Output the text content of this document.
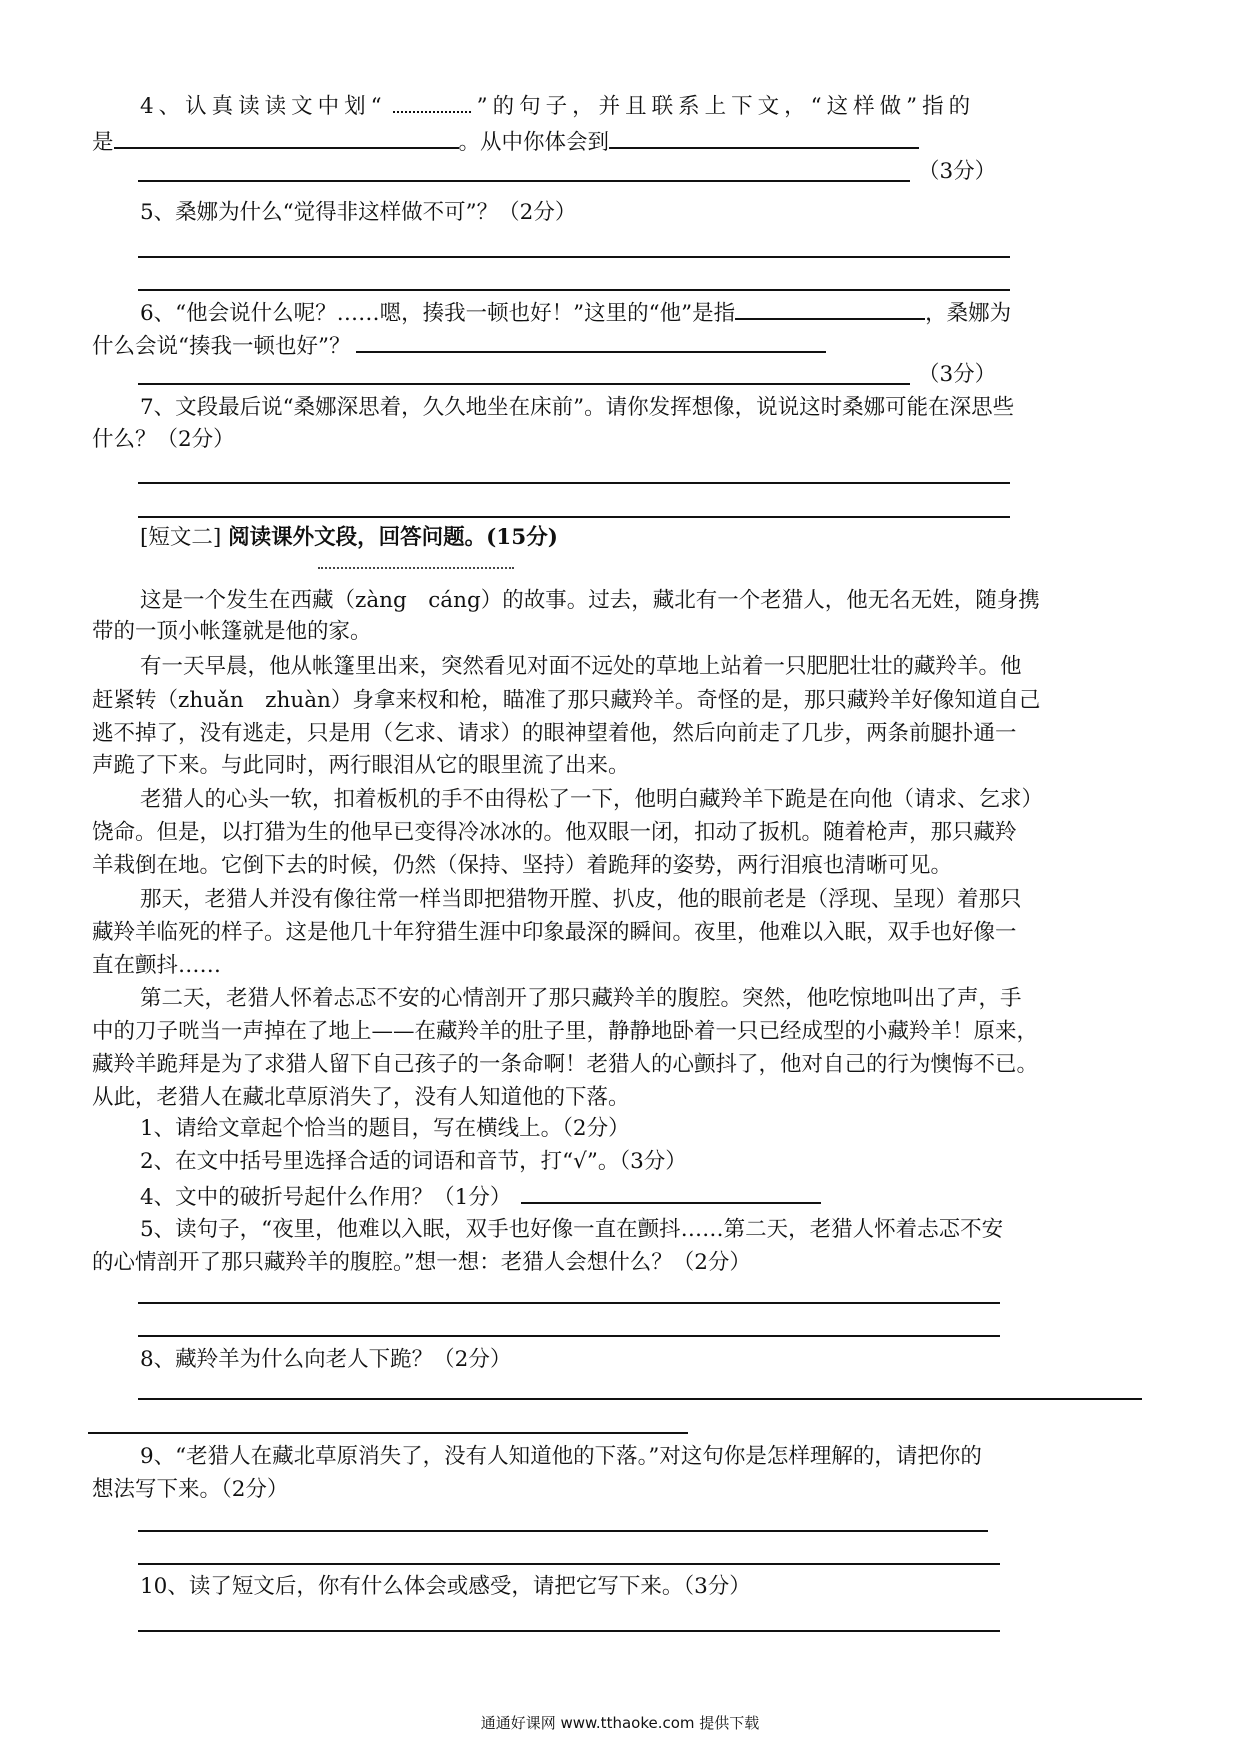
4、认真读读文中划“	”的句子，并且联系上下文，“这样做”指的
是	。从中你体会到
（3分）
5、桑娜为什么“觉得非这样做不可”？（2分）
6、“他会说什么呢？……嗯，揍我一顿也好！”这里的“他”是指	，桑娜为
什么会说“揍我一顿也好”？
（3分）
7、文段最后说“桑娜深思着，久久地坐在床前”。请你发挥想像，说说这时桑娜可能在深思些
什么？（2分）
[短文二] 阅读课外文段，回答问题。(15分)
这是一个发生在西藏（zàng　cáng）的故事。过去，藏北有一个老猎人，他无名无姓，随身携
带的一顶小帐篷就是他的家。
有一天早晨，他从帐篷里出来，突然看见对面不远处的草地上站着一只肥肥壮壮的藏羚羊。他
赶紧转（zhuǎn　zhuàn）身拿来杈和枪，瞄准了那只藏羚羊。奇怪的是，那只藏羚羊好像知道自己
逃不掉了，没有逃走，只是用（乞求、请求）的眼神望着他，然后向前走了几步，两条前腿扑通一
声跪了下来。与此同时，两行眼泪从它的眼里流了出来。
老猎人的心头一软，扣着板机的手不由得松了一下，他明白藏羚羊下跪是在向他（请求、乞求）
饶命。但是，以打猎为生的他早已变得冷冰冰的。他双眼一闭，扣动了扳机。随着枪声，那只藏羚
羊栽倒在地。它倒下去的时候，仍然（保持、坚持）着跪拜的姿势，两行泪痕也清晰可见。
那天，老猎人并没有像往常一样当即把猎物开膛、扒皮，他的眼前老是（浮现、呈现）着那只
藏羚羊临死的样子。这是他几十年狩猎生涯中印象最深的瞬间。夜里，他难以入眠，双手也好像一
直在颤抖……
第二天，老猎人怀着忐忑不安的心情剖开了那只藏羚羊的腹腔。突然，他吃惊地叫出了声，手
中的刀子咣当一声掉在了地上——在藏羚羊的肚子里，静静地卧着一只已经成型的小藏羚羊！原来，
藏羚羊跪拜是为了求猎人留下自己孩子的一条命啊！老猎人的心颤抖了，他对自己的行为懊悔不已。
从此，老猎人在藏北草原消失了，没有人知道他的下落。
1、请给文章起个恰当的题目，写在横线上。（2分）
2、在文中括号里选择合适的词语和音节，打“√”。（3分）
4、文中的破折号起什么作用？（1分）
5、读句子，“夜里，他难以入眠，双手也好像一直在颤抖……第二天，老猎人怀着忐忑不安
的心情剖开了那只藏羚羊的腹腔。”想一想：老猎人会想什么？（2分）
8、藏羚羊为什么向老人下跪？（2分）
9、“老猎人在藏北草原消失了，没有人知道他的下落。”对这句你是怎样理解的，请把你的
想法写下来。（2分）
10、读了短文后，你有什么体会或感受，请把它写下来。（3分）
通通好课网 www.tthaoke.com 提供下载
